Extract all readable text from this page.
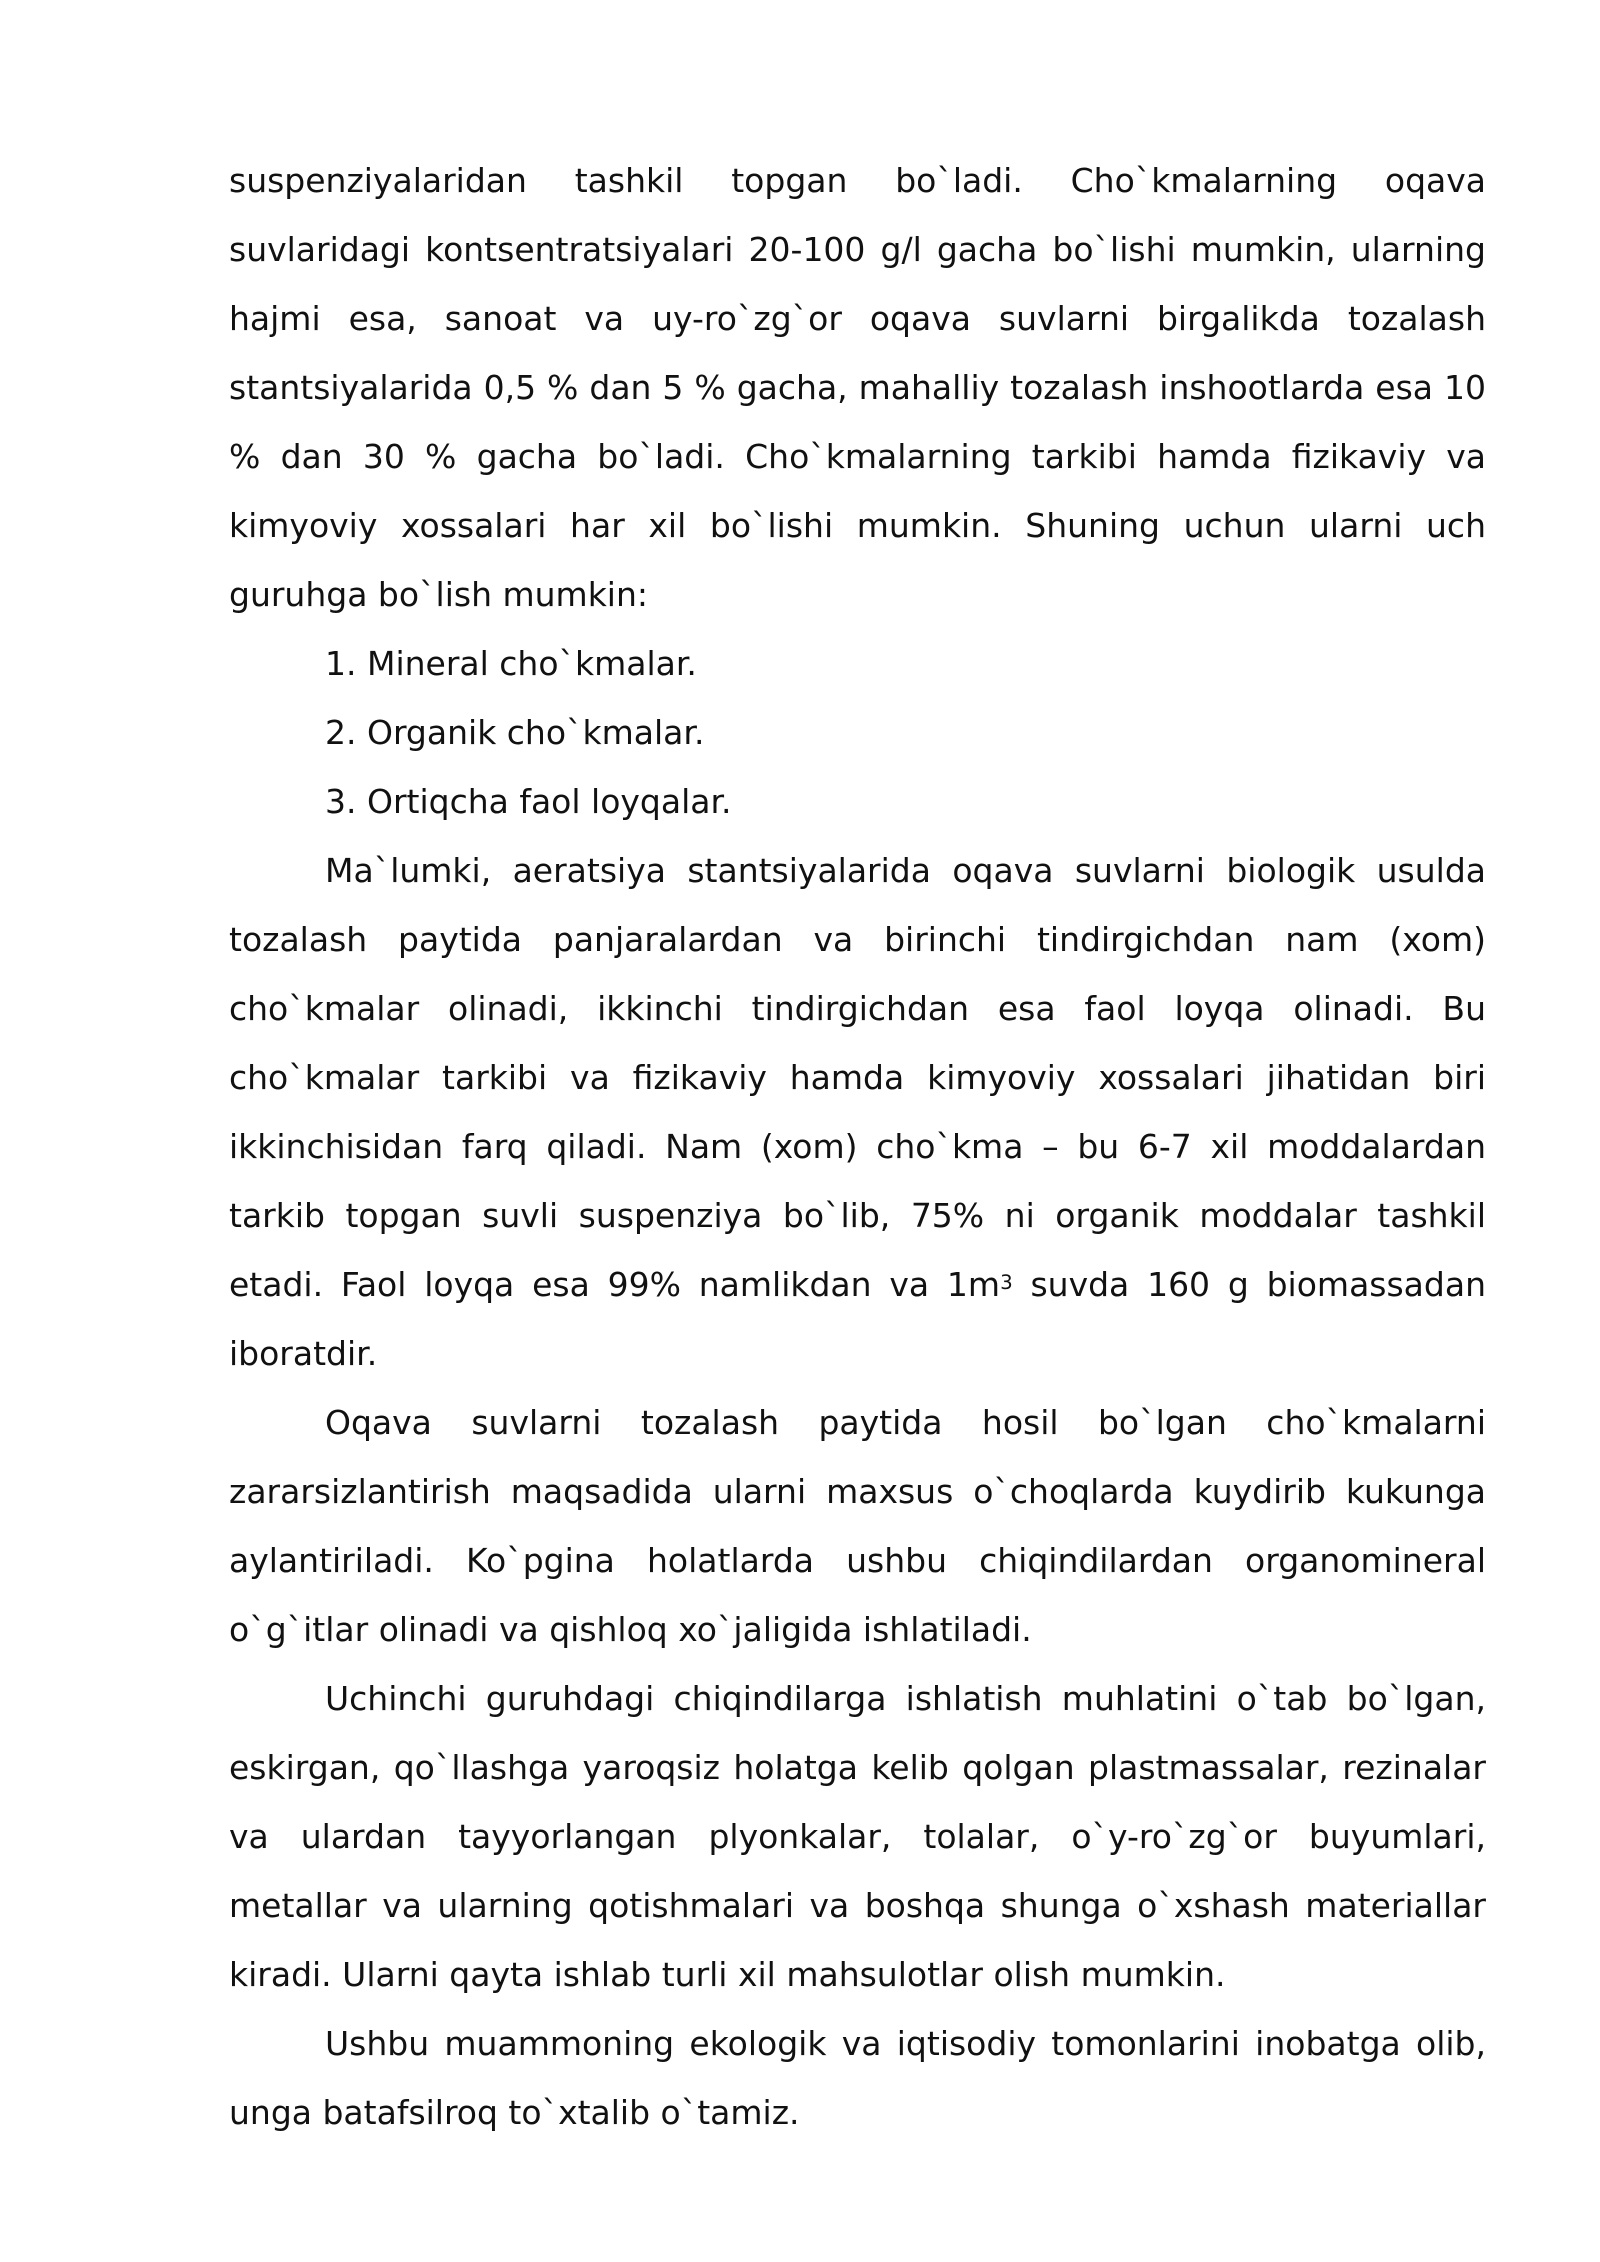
suspenziyalaridan tashkil topgan bo`ladi. Cho`kmalarning oqava suvlaridagi kontsentratsiyalari 20-100 g/l gacha bo`lishi mumkin, ularning hajmi esa, sanoat va uy-ro`zg`or oqava suvlarni birgalikda tozalash stantsiyalarida 0,5 % dan 5 % gacha, mahalliy tozalash inshootlarda esa 10 % dan 30 % gacha bo`ladi. Cho`kmalarning tarkibi hamda fizikaviy va kimyoviy xossalari har xil bo`lishi mumkin. Shuning uchun ularni uch guruhga bo`lish mumkin:

1. Mineral cho`kmalar.

2. Organik cho`kmalar.

3. Ortiqcha faol loyqalar.

Ma`lumki, aeratsiya stantsiyalarida oqava suvlarni biologik usulda tozalash paytida panjaralardan va birinchi tindirgichdan nam (xom) cho`kmalar olinadi, ikkinchi tindirgichdan esa faol loyqa olinadi. Bu cho`kmalar tarkibi va fizikaviy hamda kimyoviy xossalari jihatidan biri ikkinchisidan farq qiladi. Nam (xom) cho`kma – bu 6-7 xil moddalardan tarkib topgan suvli suspenziya bo`lib, 75% ni organik moddalar tashkil etadi. Faol loyqa esa 99% namlikdan va $1m^3$ suvda 160 g biomassadan iboratdir.

Oqava suvlarni tozalash paytida hosil bo`lgan cho`kmalarni zararsizlantirish maqsadida ularni maxsus o`choqlarda kuydirib kukunga aylantiriladi. Ko`pgina holatlarda ushbu chiqindilardan organomineral o`g`itlar olinadi va qishloq xo`jaligida ishlatiladi.

Uchinchi guruhdagi chiqindilarga ishlatish muhlatini o`tab bo`lgan, eskirgan, qo`llashga yaroqsiz holatga kelib qolgan plastmassalar, rezinalar va ulardan tayyorlangan plyonkalar, tolalar, o`y-ro`zg`or buyumlari, metallar va ularning qotishmalari va boshqa shunga o`xshash materiallar kiradi. Ularni qayta ishlab turli xil mahsulotlar olish mumkin.

Ushbu muammoning ekologik va iqtisodiy tomonlarini inobatga olib, unga batafsilroq to`xtalib o`tamiz.
